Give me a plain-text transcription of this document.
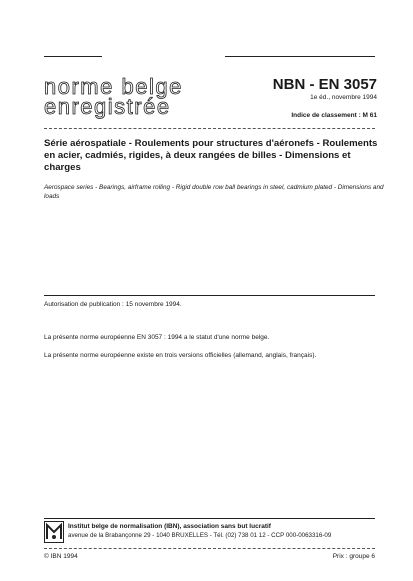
norme belge
enregistrée
NBN - EN 3057
1e éd., novembre 1994
Indice de classement : M 61
Série aérospatiale - Roulements pour structures d'aéronefs - Roulements en acier, cadmiés, rigides, à deux rangées de billes - Dimensions et charges
Aerospace series - Bearings, airframe rolling - Rigid double row ball bearings in steel, cadmium plated - Dimensions and loads
Autorisation de publication : 15 novembre 1994.
La présente norme européenne EN 3057 : 1994 a le statut d'une norme belge.
La présente norme européenne existe en trois versions officielles (allemand, anglais, français).
Institut belge de normalisation (IBN), association sans but lucratif
avenue de la Brabançonne 29 - 1040 BRUXELLES - Tél. (02) 738 01 12 - CCP 000-0063316-09
© IBN 1994	Prix : groupe 6
